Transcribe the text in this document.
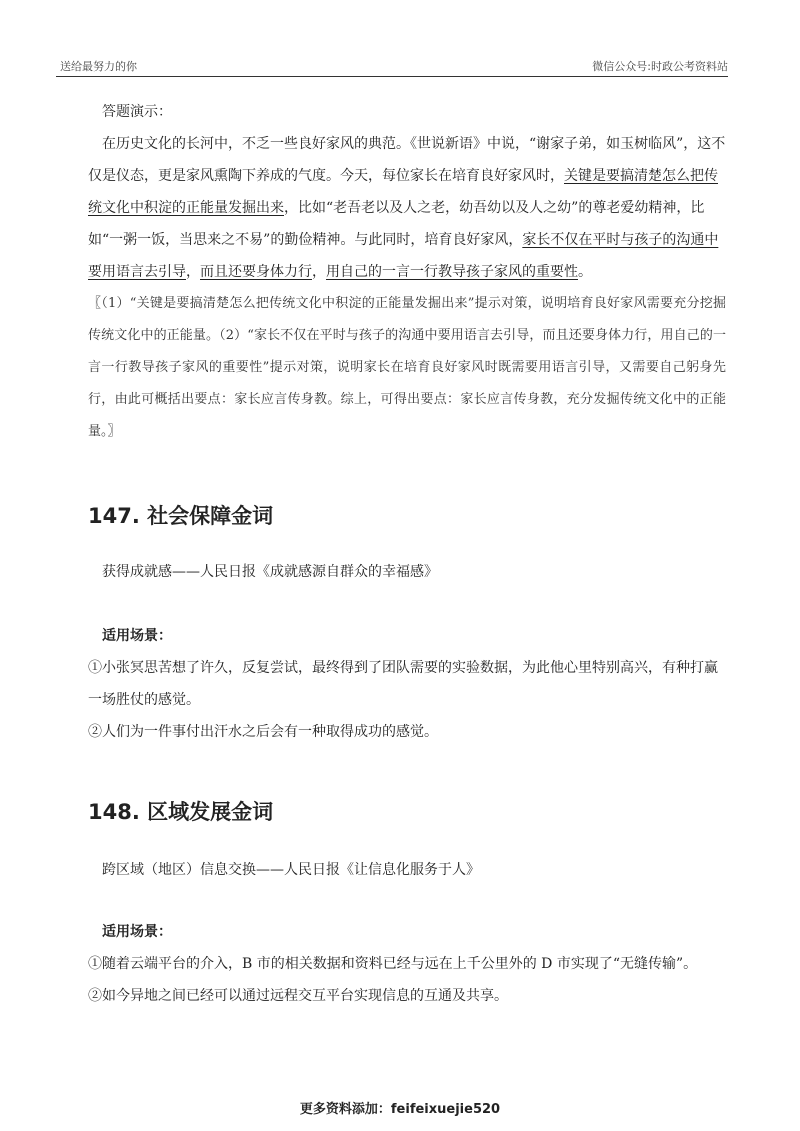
送给最努力的你	微信公众号:时政公考资料站

答题演示：

在历史文化的长河中，不乏一些良好家风的典范。《世说新语》中说，“谢家子弟，如玉树临风”，这不仅是仪态，更是家风熏陶下养成的气度。今天，每位家长在培育良好家风时，关键是要搞清楚怎么把传统文化中积淀的正能量发掘出来，比如“老吾老以及人之老，幼吾幼以及人之幼”的尊老爱幼精神，比如“一粥一饭，当思来之不易”的勤俭精神。与此同时，培育良好家风，家长不仅在平时与孩子的沟通中要用语言去引导，而且还要身体力行，用自己的一言一行教导孩子家风的重要性。

〖（1）“关键是要搞清楚怎么把传统文化中积淀的正能量发掘出来”提示对策，说明培育良好家风需要充分挖掘传统文化中的正能量。（2）“家长不仅在平时与孩子的沟通中要用语言去引导，而且还要身体力行，用自己的一言一行教导孩子家风的重要性”提示对策，说明家长在培育良好家风时既需要用语言引导，又需要自己躬身先行，由此可概括出要点：家长应言传身教。综上，可得出要点：家长应言传身教，充分发掘传统文化中的正能量。〗

147. 社会保障金词

获得成就感——人民日报《成就感源自群众的幸福感》

适用场景：

①小张冥思苦想了许久，反复尝试，最终得到了团队需要的实验数据，为此他心里特别高兴，有种打赢一场胜仗的感觉。

②人们为一件事付出汗水之后会有一种取得成功的感觉。

148. 区域发展金词

跨区域（地区）信息交换——人民日报《让信息化服务于人》

适用场景：

①随着云端平台的介入，B 市的相关数据和资料已经与远在上千公里外的 D 市实现了“无缝传输”。

②如今异地之间已经可以通过远程交互平台实现信息的互通及共享。

更多资料添加：feifeixuejie520
